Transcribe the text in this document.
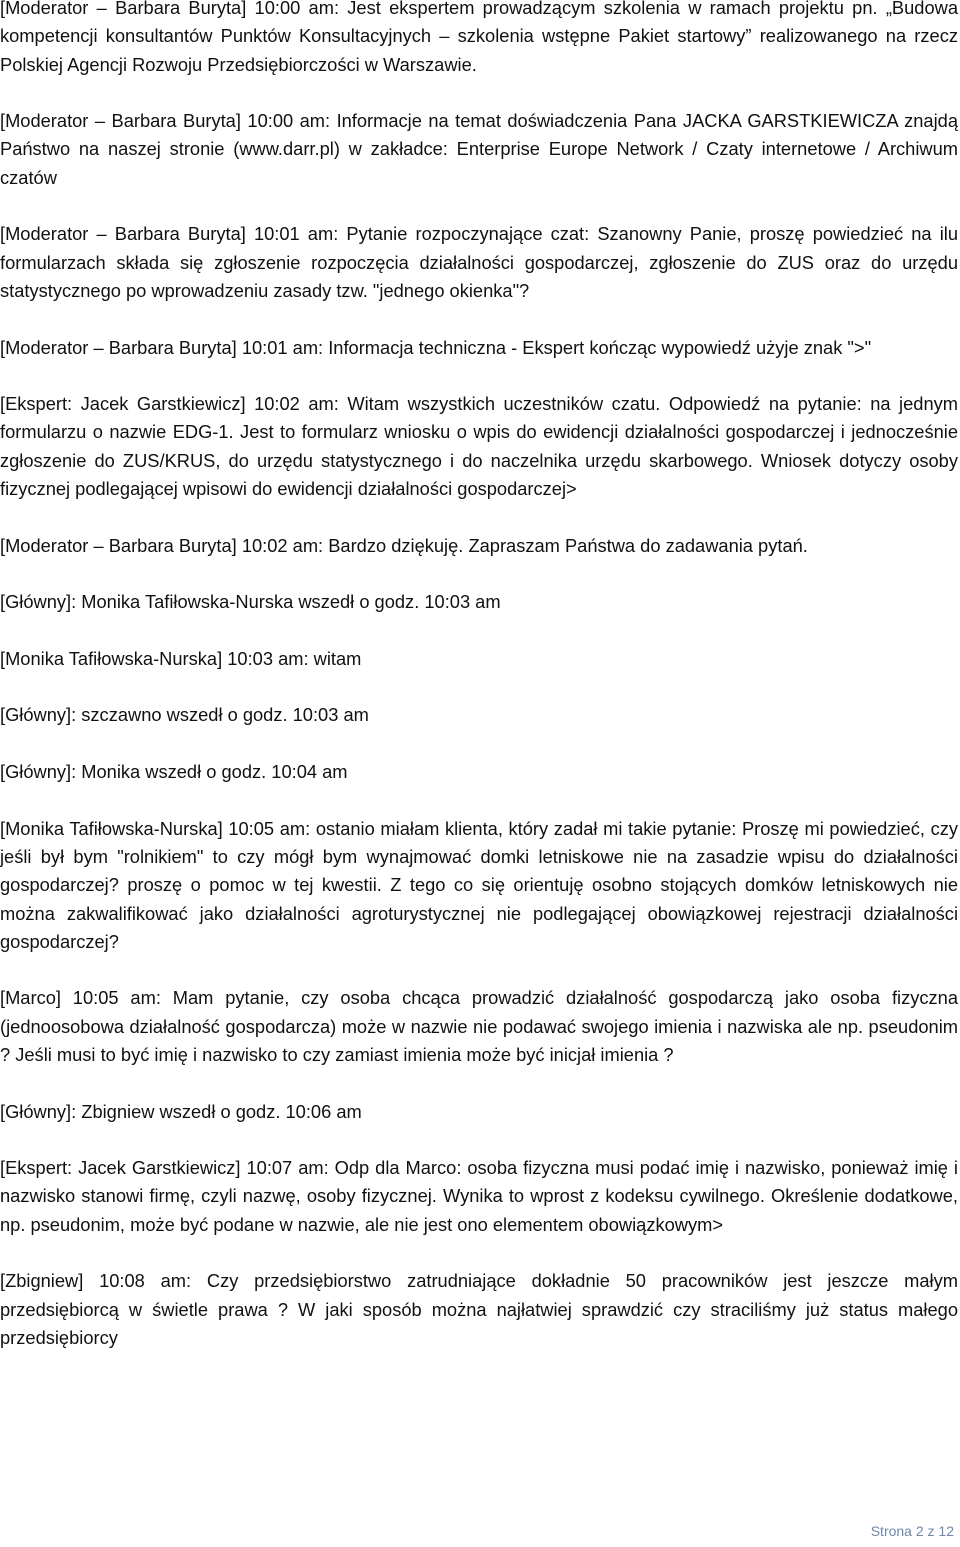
[Moderator – Barbara Buryta] 10:00 am: Jest ekspertem prowadzącym szkolenia w ramach projektu pn. „Budowa kompetencji konsultantów Punktów Konsultacyjnych – szkolenia wstępne Pakiet startowy” realizowanego na rzecz Polskiej Agencji Rozwoju Przedsiębiorczości w Warszawie.

[Moderator – Barbara Buryta] 10:00 am: Informacje na temat doświadczenia Pana JACKA GARSTKIEWICZA znajdą Państwo na naszej stronie (www.darr.pl) w zakładce: Enterprise Europe Network / Czaty internetowe / Archiwum czatów

[Moderator – Barbara Buryta] 10:01 am: Pytanie rozpoczynające czat: Szanowny Panie, proszę powiedzieć na ilu formularzach składa się zgłoszenie rozpoczęcia działalności gospodarczej, zgłoszenie do ZUS oraz do urzędu statystycznego po wprowadzeniu zasady tzw. "jednego okienka"?

[Moderator – Barbara Buryta] 10:01 am: Informacja techniczna - Ekspert kończąc wypowiedź użyje znak ">"

[Ekspert: Jacek Garstkiewicz] 10:02 am: Witam wszystkich uczestników czatu. Odpowiedź na pytanie: na jednym formularzu o nazwie EDG-1. Jest to formularz wniosku o wpis do ewidencji działalności gospodarczej i jednocześnie zgłoszenie do ZUS/KRUS, do urzędu statystycznego i do naczelnika urzędu skarbowego. Wniosek dotyczy osoby fizycznej podlegającej wpisowi do ewidencji działalności gospodarczej>

[Moderator – Barbara Buryta] 10:02 am: Bardzo dziękuję. Zapraszam Państwa do zadawania pytań.

[Główny]: Monika Tafiłowska-Nurska wszedł o godz. 10:03 am

[Monika Tafiłowska-Nurska] 10:03 am: witam

[Główny]: szczawno wszedł o godz. 10:03 am

[Główny]: Monika wszedł o godz. 10:04 am

[Monika Tafiłowska-Nurska] 10:05 am: ostanio miałam klienta, który zadał mi takie pytanie: Proszę mi powiedzieć, czy jeśli był bym "rolnikiem" to czy mógł bym wynajmować domki letniskowe nie na zasadzie wpisu do działalności gospodarczej? proszę o pomoc w tej kwestii. Z tego co się orientuję osobno stojących domków letniskowych nie można zakwalifikować jako działalności agroturystycznej nie podlegającej obowiązkowej rejestracji działalności gospodarczej?

[Marco] 10:05 am: Mam pytanie, czy osoba chcąca prowadzić działalność gospodarczą jako osoba fizyczna (jednoosobowa działalność gospodarcza) może w nazwie nie podawać swojego imienia i nazwiska ale np. pseudonim ? Jeśli musi to być imię i nazwisko to czy zamiast imienia może być inicjał imienia ?

[Główny]: Zbigniew wszedł o godz. 10:06 am

[Ekspert: Jacek Garstkiewicz] 10:07 am: Odp dla Marco: osoba fizyczna musi podać imię i nazwisko, ponieważ imię i nazwisko stanowi firmę, czyli nazwę, osoby fizycznej. Wynika to wprost z kodeksu cywilnego. Określenie dodatkowe, np. pseudonim, może być podane w nazwie, ale nie jest ono elementem obowiązkowym>

[Zbigniew] 10:08 am: Czy przedsiębiorstwo zatrudniające dokładnie 50 pracowników jest jeszcze małym przedsiębiorcą w świetle prawa ? W jaki sposób można najłatwiej sprawdzić czy straciliśmy już status małego przedsiębiorcy

Strona 2 z 12
